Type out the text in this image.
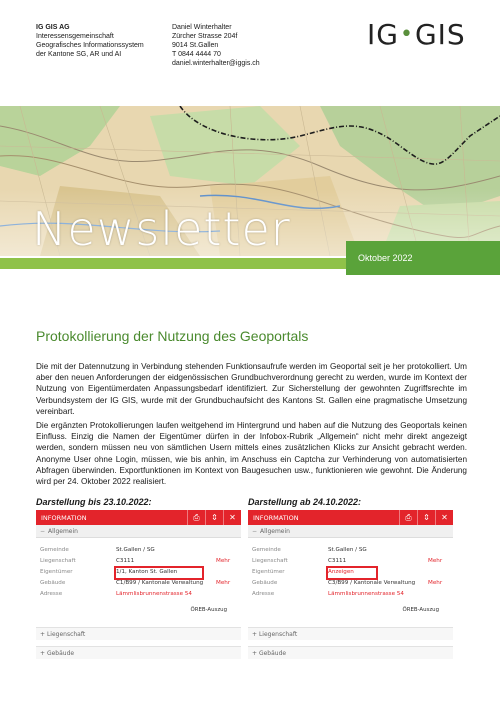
IG GIS AG
Interessensgemeinschaft
Geografisches Informationssystem
der Kantone SG, AR und AI
Daniel Winterhalter
Zürcher Strasse 204f
9014 St.Gallen
T 0844 4444 70
daniel.winterhalter@iggis.ch
IG•GIS
Newsletter
Oktober 2022
Protokollierung der Nutzung des Geoportals

Die mit der Datennutzung in Verbindung stehenden Funktionsaufrufe werden im Geoportal seit je her protokolliert. Um aber den neuen Anforderungen der eidgenössischen Grundbuchverordnung gerecht zu werden, wurde im Kontext der Nutzung von Eigentümerdaten Anpassungsbedarf identifiziert. Zur Sicherstellung der gewohnten Zugriffsrechte im Verbundsystem der IG GIS, wurde mit der Grundbuchaufsicht des Kantons St. Gallen eine pragmatische Umsetzung vereinbart.

Die ergänzten Protokollierungen laufen weitgehend im Hintergrund und haben auf die Nutzung des Geoportals keinen Einfluss. Einzig die Namen der Eigentümer dürfen in der Infobox-Rubrik „Allgemein“ nicht mehr direkt angezeigt werden, sondern müssen neu von sämtlichen Usern mittels eines zusätzlichen Klicks zur Ansicht gebracht werden. Anonyme User ohne Login, müssen, wie bis anhin, im Anschuss ein Captcha zur Verhinderung von automatisierten Abfragen überwinden. Exportfunktionen im Kontext von Baugesuchen usw., funktionieren wie gewohnt. Die Änderung wird per 24. Oktober 2022 realisiert.

Darstellung bis 23.10.2022:
INFORMATION	⎙	⇕	✕
− Allgemein
Gemeinde	St.Gallen / SG
Liegenschaft	C3111	Mehr
Eigentümer	1/1, Kanton St. Gallen
Gebäude	C1/B99 / Kantonale Verwaltung	Mehr
Adresse	Lämmlisbrunnenstrasse 54
ÖREB-Auszug
+
Liegenschaft
+
Gebäude
Darstellung ab 24.10.2022:
INFORMATION	⎙	⇕	✕
− Allgemein
Gemeinde	St.Gallen / SG
Liegenschaft	C3111	Mehr
Eigentümer	Anzeigen
Gebäude	C3/B99 / Kantonale Verwaltung	Mehr
Adresse	Lämmlisbrunnenstrasse 54
ÖREB-Auszug
+
Liegenschaft
+
Gebäude
